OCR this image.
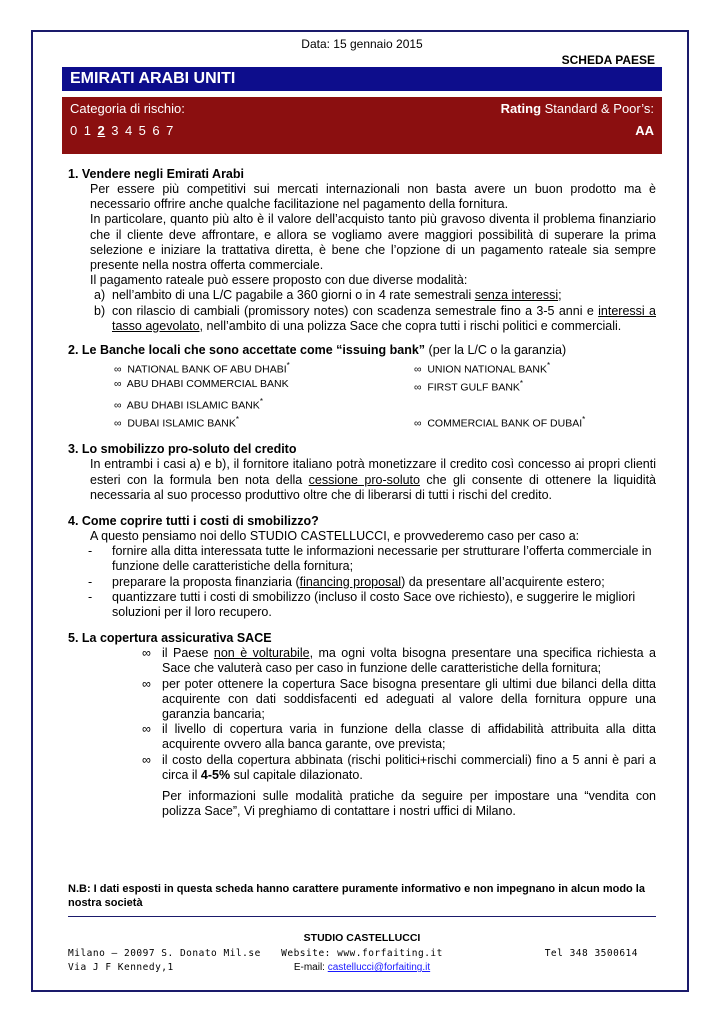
Data: 15 gennaio 2015
SCHEDA PAESE
EMIRATI ARABI UNITI
Categoria di rischio:	Rating Standard & Poor’s:
0 1 2 3 4 5 6 7	AA
1. Vendere negli Emirati Arabi

Per essere più competitivi sui mercati internazionali non basta avere un buon prodotto ma è necessario offrire anche qualche facilitazione nel pagamento della fornitura.

In particolare, quanto più alto è il valore dell’acquisto tanto più gravoso diventa il problema finanziario che il cliente deve affrontare, e allora se vogliamo avere maggiori possibilità di superare la prima selezione e iniziare la trattativa diretta, è bene che l’opzione di un pagamento rateale sia sempre presente nella nostra offerta commerciale.

Il pagamento rateale può essere proposto con due diverse modalità:

a) nell’ambito di una L/C pagabile a 360 giorni o in 4 rate semestrali senza interessi;
b) con rilascio di cambiali (promissory notes) con scadenza semestrale fino a 3-5 anni e interessi a tasso agevolato, nell’ambito di una polizza Sace che copra tutti i rischi politici e commerciali.
2. Le Banche locali che sono accettate come “issuing bank” (per la L/C o la garanzia)
∞ NATIONAL BANK OF ABU DHABI*	∞ UNION NATIONAL BANK*
∞ ABU DHABI COMMERCIAL BANK	∞ FIRST GULF BANK*
∞ ABU DHABI ISLAMIC BANK*
∞ DUBAI ISLAMIC BANK*	∞ COMMERCIAL BANK OF DUBAI*
3. Lo smobilizzo pro-soluto del credito

In entrambi i casi a) e b), il fornitore italiano potrà monetizzare il credito così concesso ai propri clienti esteri con la formula ben nota della cessione pro-soluto che gli consente di ottenere la liquidità necessaria al suo processo produttivo oltre che di liberarsi di tutti i rischi del credito.

4. Come coprire tutti i costi di smobilizzo?

A questo pensiamo noi dello STUDIO CASTELLUCCI, e provvederemo caso per caso a:

-	fornire alla ditta interessata tutte le informazioni necessarie per strutturare l’offerta commerciale in funzione delle caratteristiche della fornitura;
-	preparare la proposta finanziaria (financing proposal) da presentare all’acquirente estero;
-	quantizzare tutti i costi di smobilizzo (incluso il costo Sace ove richiesto), e suggerire le migliori soluzioni per il loro recupero.
5. La copertura assicurativa SACE
∞ il Paese non è volturabile, ma ogni volta bisogna presentare una specifica richiesta a Sace che valuterà caso per caso in funzione delle caratteristiche della fornitura;
∞ per poter ottenere la copertura Sace bisogna presentare gli ultimi due bilanci della ditta acquirente con dati soddisfacenti ed adeguati al valore della fornitura oppure una garanzia bancaria;
∞ il livello di copertura varia in funzione della classe di affidabilità attribuita alla ditta acquirente ovvero alla banca garante, ove prevista;
∞ il costo della copertura abbinata (rischi politici+rischi commerciali) fino a 5 anni è pari a circa il 4-5% sul capitale dilazionato.

Per informazioni sulle modalità pratiche da seguire per impostare una “vendita con polizza Sace”, Vi preghiamo di contattare i nostri uffici di Milano.

N.B: I dati esposti in questa scheda hanno carattere puramente informativo e non impegnano in alcun modo la nostra società
STUDIO CASTELLUCCI
Milano – 20097 S. Donato Mil.se
Via J F Kennedy,1
Website: www.forfaiting.it
E-mail: castellucci@forfaiting.it
Tel 348 3500614
